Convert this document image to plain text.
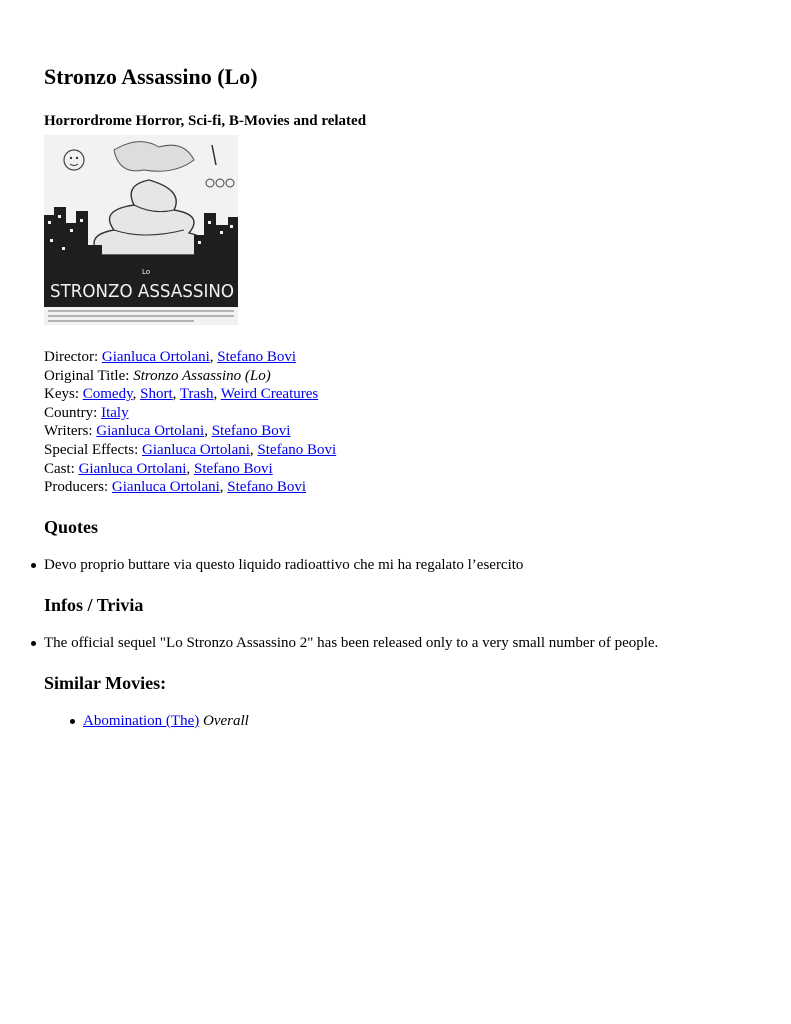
Stronzo Assassino (Lo)
Horrordrome Horror, Sci-fi, B-Movies and related
Lo
STRONZO ASSASSINO
Director: Gianluca Ortolani, Stefano Bovi
Original Title: Stronzo Assassino (Lo)
Keys: Comedy, Short, Trash, Weird Creatures
Country: Italy
Writers: Gianluca Ortolani, Stefano Bovi
Special Effects: Gianluca Ortolani, Stefano Bovi
Cast: Gianluca Ortolani, Stefano Bovi
Producers: Gianluca Ortolani, Stefano Bovi
Quotes
Devo proprio buttare via questo liquido radioattivo che mi ha regalato l’esercito
Infos / Trivia
The official sequel "Lo Stronzo Assassino 2" has been released only to a very small number of people.
Similar Movies:
Abomination (The) Overall
